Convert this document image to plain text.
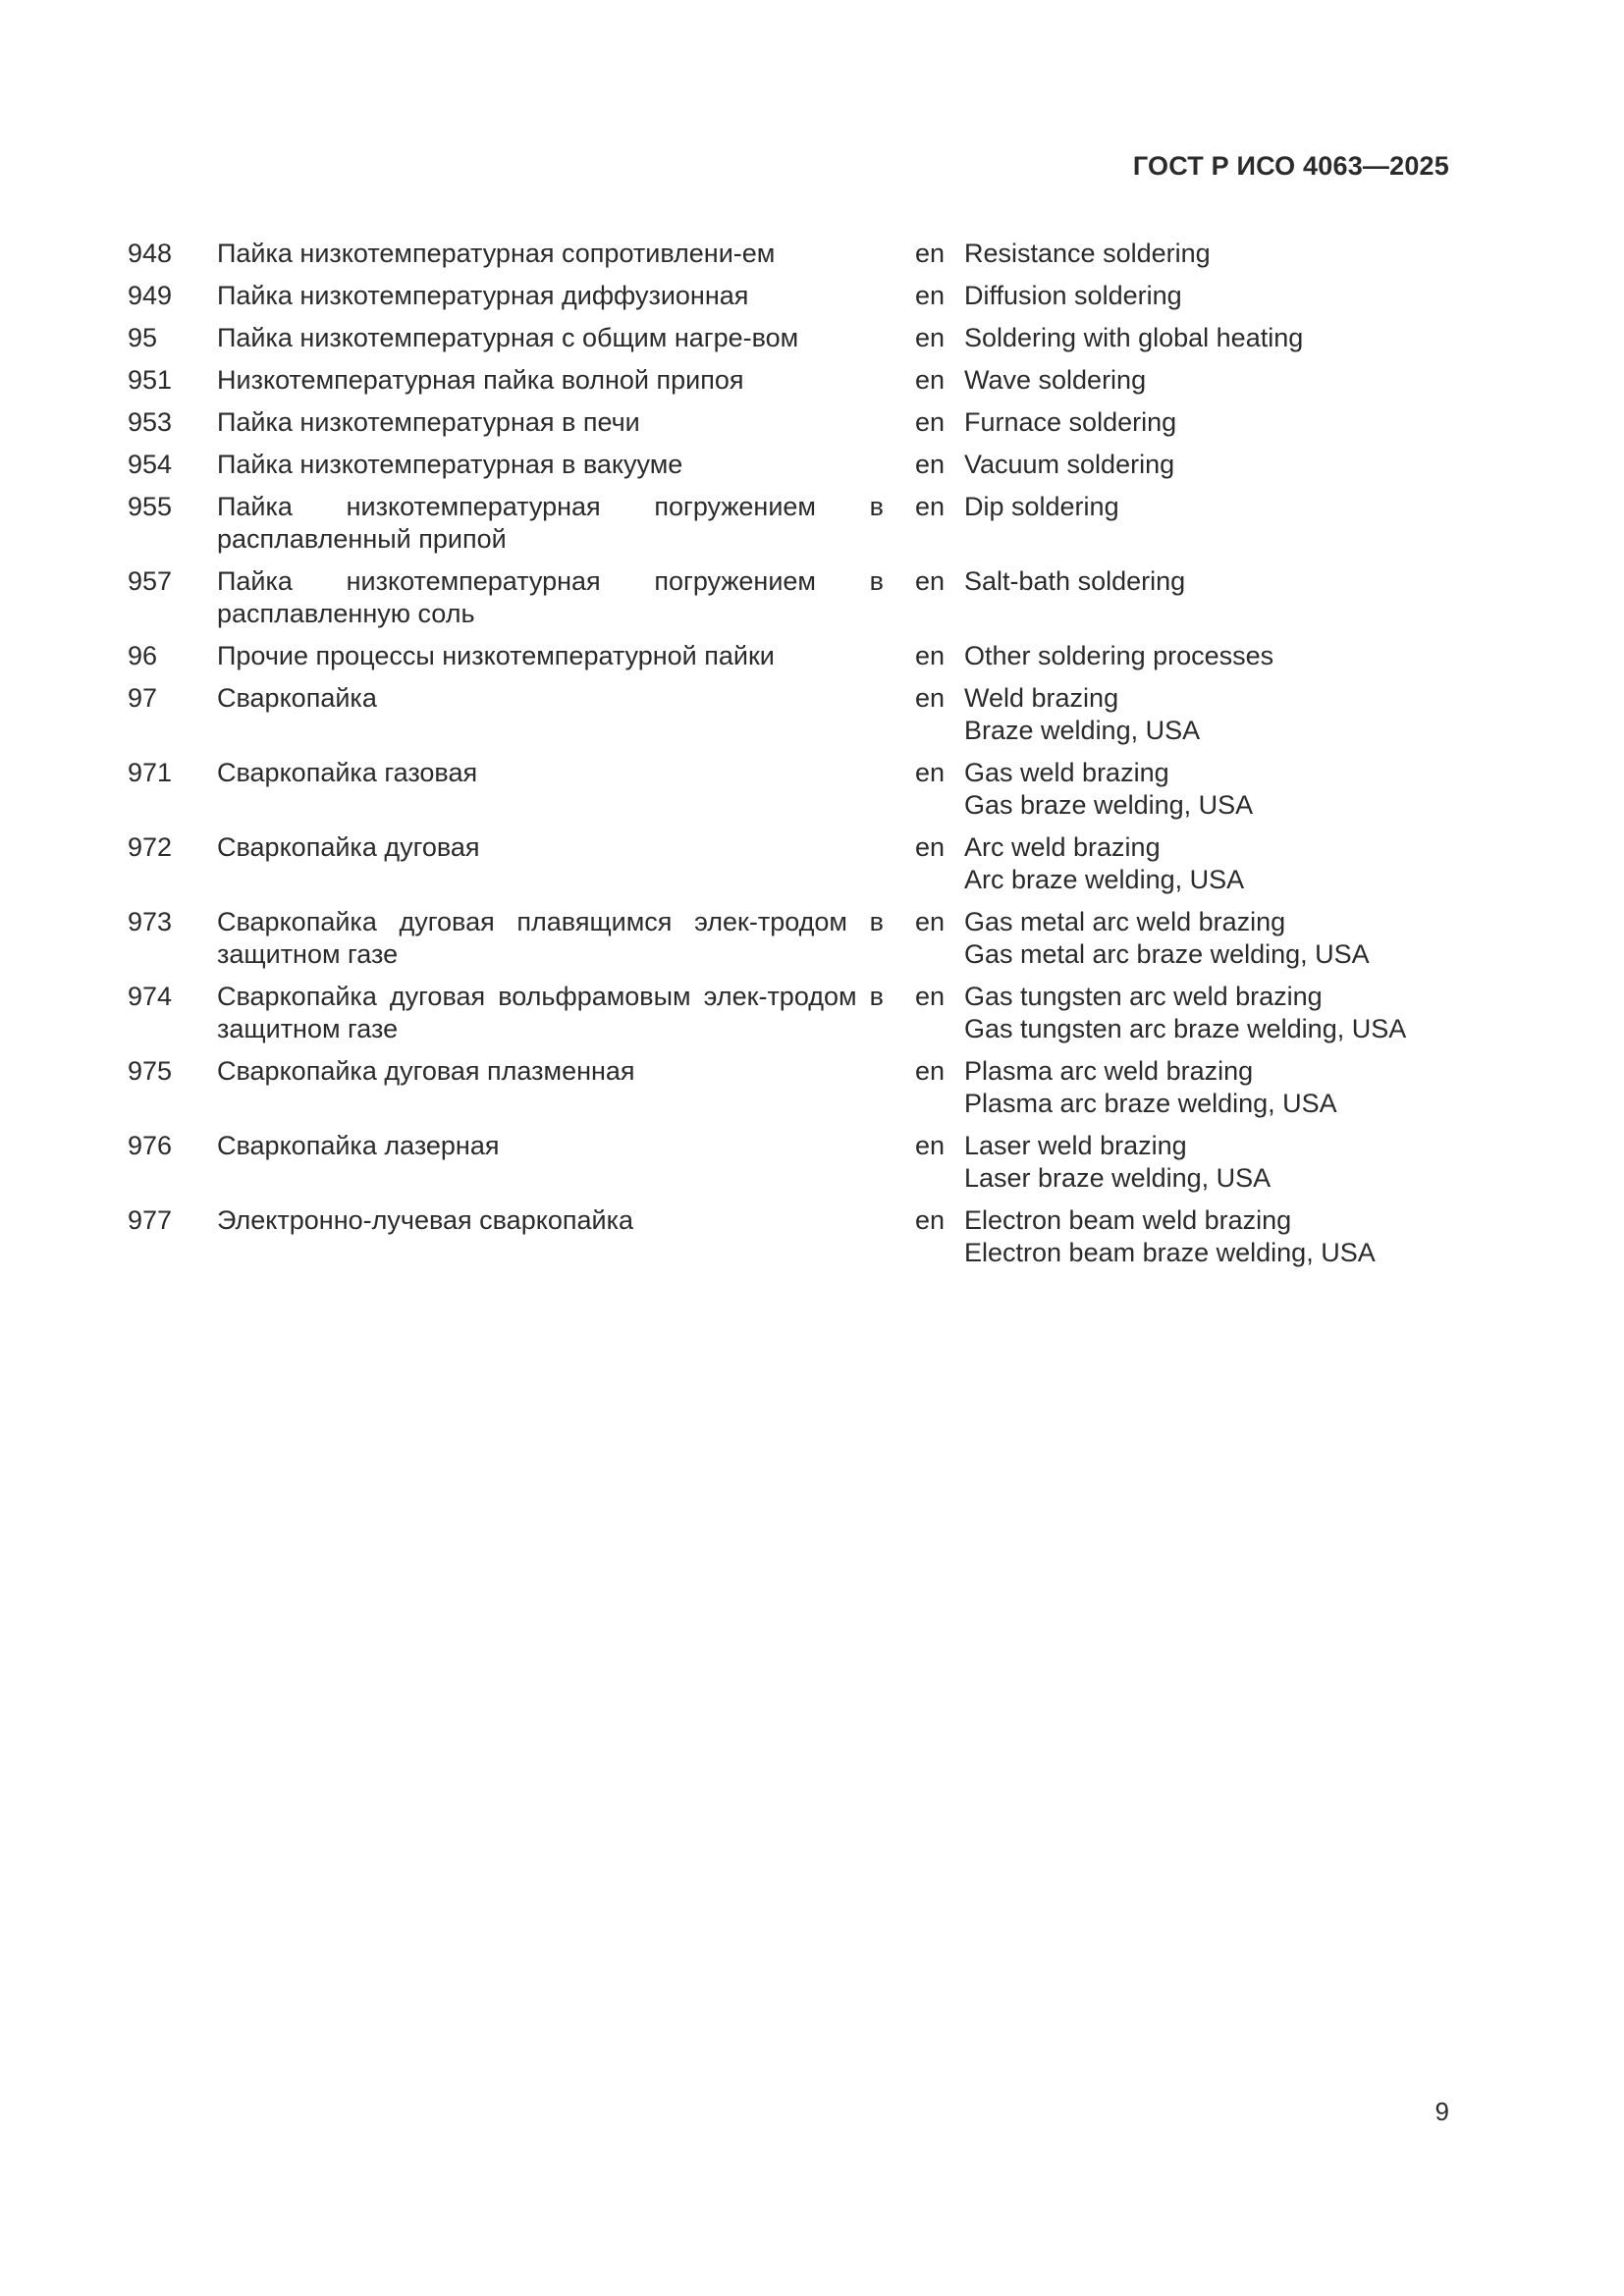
ГОСТ Р ИСО 4063—2025
948	Пайка низкотемпературная сопротивлени-ем	en	Resistance soldering

949	Пайка низкотемпературная диффузионная	en	Diffusion soldering

95	Пайка низкотемпературная с общим нагре-вом	en	Soldering with global heating

951	Низкотемпературная пайка волной припоя	en	Wave soldering

953	Пайка низкотемпературная в печи	en	Furnace soldering

954	Пайка низкотемпературная в вакууме	en	Vacuum soldering

955	Пайка низкотемпературная погружением в расплавленный припой	en	Dip soldering

957	Пайка низкотемпературная погружением в расплавленную соль	en	Salt-bath soldering

96	Прочие процессы низкотемпературной пайки	en	Other soldering processes

97	Сваркопайка	en	Weld brazing
Braze welding, USA

971	Сваркопайка газовая	en	Gas weld brazing
Gas braze welding, USA

972	Сваркопайка дуговая	en	Arc weld brazing
Arc braze welding, USA

973	Сваркопайка дуговая плавящимся элек-тродом в защитном газе	en	Gas metal arc weld brazing
Gas metal arc braze welding, USA

974	Сваркопайка дуговая вольфрамовым элек-тродом в защитном газе	en	Gas tungsten arc weld brazing
Gas tungsten arc braze welding, USA

975	Сваркопайка дуговая плазменная	en	Plasma arc weld brazing
Plasma arc braze welding, USA

976	Сваркопайка лазерная	en	Laser weld brazing
Laser braze welding, USA

977	Электронно-лучевая сваркопайка	en	Electron beam weld brazing
Electron beam braze welding, USA
9
